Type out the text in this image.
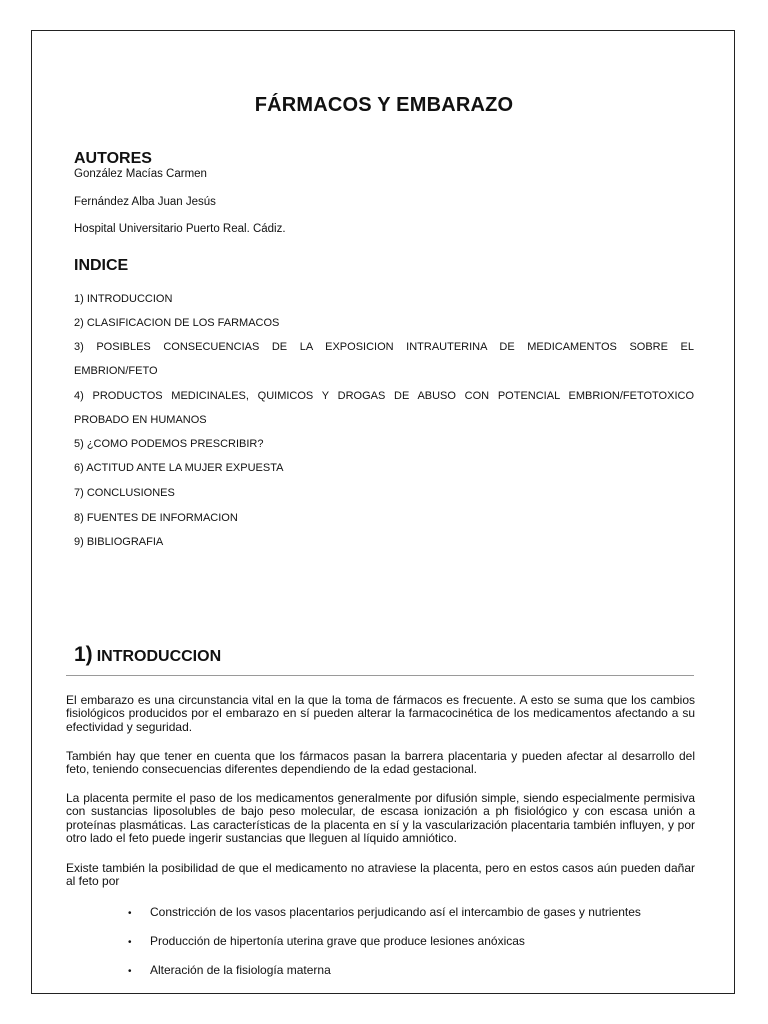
FÁRMACOS Y EMBARAZO
AUTORES
González Macías Carmen
Fernández Alba Juan Jesús
Hospital Universitario Puerto Real. Cádiz.
INDICE
1) INTRODUCCION
2) CLASIFICACION DE LOS FARMACOS
3) POSIBLES CONSECUENCIAS DE LA EXPOSICION INTRAUTERINA DE MEDICAMENTOS SOBRE EL
EMBRION/FETO
4) PRODUCTOS MEDICINALES, QUIMICOS Y DROGAS DE ABUSO CON POTENCIAL EMBRION/FETOTOXICO
PROBADO EN HUMANOS
5) ¿COMO PODEMOS PRESCRIBIR?
6) ACTITUD ANTE LA MUJER EXPUESTA
7) CONCLUSIONES
8) FUENTES DE INFORMACION
9) BIBLIOGRAFIA
1) INTRODUCCION
El embarazo es una circunstancia vital en la que la toma de fármacos es frecuente. A esto se suma que los cambios fisiológicos producidos por el embarazo en sí pueden alterar la farmacocinética de los medicamentos afectando a su efectividad y seguridad.
También hay que tener en cuenta que los fármacos pasan la barrera placentaria y pueden afectar al desarrollo del feto, teniendo consecuencias diferentes dependiendo de la edad gestacional.
La placenta permite el paso de los medicamentos generalmente por difusión simple, siendo especialmente permisiva con sustancias liposolubles de bajo peso molecular, de escasa ionización a ph fisiológico y con escasa unión a proteínas plasmáticas. Las características de la placenta en sí y la vascularización placentaria también influyen, y por otro lado el feto puede ingerir sustancias que lleguen al líquido amniótico.
Existe también la posibilidad de que el medicamento no atraviese la placenta, pero en estos casos aún pueden dañar al feto por
• Constricción de los vasos placentarios perjudicando así el intercambio de gases y nutrientes
• Producción de hipertonía uterina grave que produce lesiones anóxicas
• Alteración de la fisiología materna
